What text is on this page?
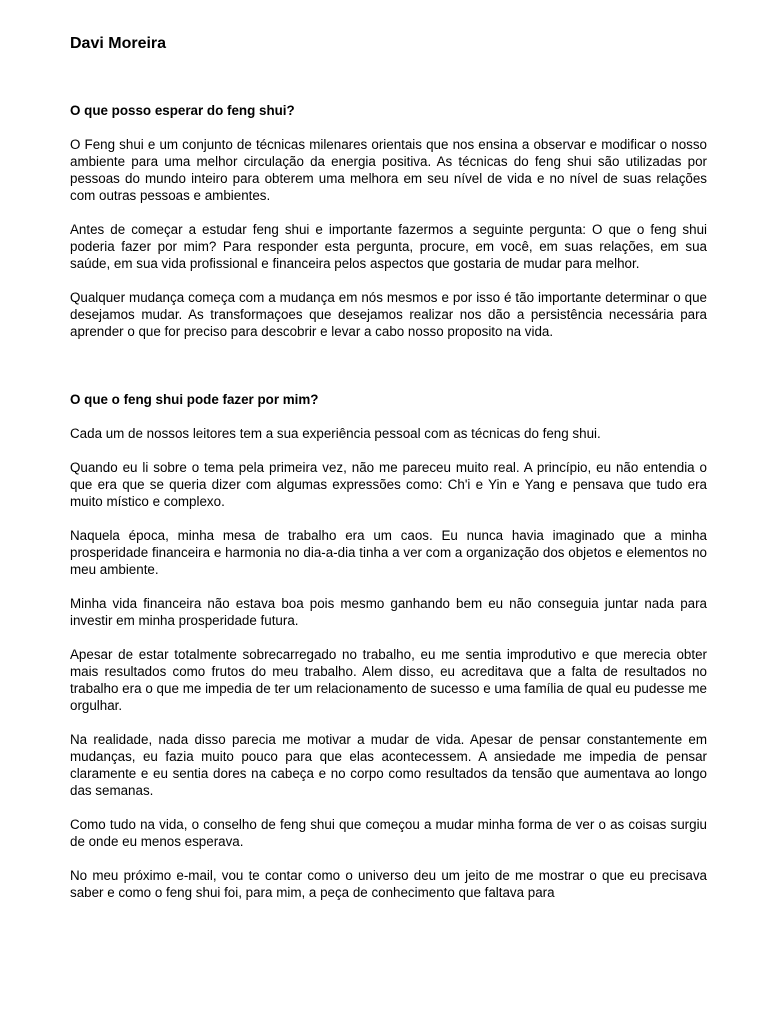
Davi Moreira
O que posso esperar do feng shui?

O Feng shui e um conjunto de técnicas milenares orientais que nos ensina a observar e modificar o nosso ambiente para uma melhor circulação da energia positiva. As técnicas do feng shui são utilizadas por pessoas do mundo inteiro para obterem uma melhora em seu nível de vida e no nível de suas relações com outras pessoas e ambientes.

Antes de começar a estudar feng shui e importante fazermos a seguinte pergunta: O que o feng shui poderia fazer por mim? Para responder esta pergunta, procure, em você, em suas relações, em sua saúde, em sua vida profissional e financeira pelos aspectos que gostaria de mudar para melhor.

Qualquer mudança começa com a mudança em nós mesmos e por isso é tão importante determinar o que desejamos mudar. As transformaçoes que desejamos realizar nos dão a persistência necessária para aprender o que for preciso para descobrir e levar a cabo nosso proposito na vida.

O que o feng shui pode fazer por mim?

Cada um de nossos leitores tem a sua experiência pessoal com as técnicas do feng shui.

Quando eu li sobre o tema pela primeira vez, não me pareceu muito real. A princípio, eu não entendia o que era que se queria dizer com algumas expressões como: Ch'i e Yin e Yang e pensava que tudo era muito místico e complexo.

Naquela época, minha mesa de trabalho era um caos. Eu nunca havia imaginado que a minha prosperidade financeira e harmonia no dia-a-dia tinha a ver com a organização dos objetos e elementos no meu ambiente.

Minha vida financeira não estava boa pois mesmo ganhando bem eu não conseguia juntar nada para investir em minha prosperidade futura.

Apesar de estar totalmente sobrecarregado no trabalho, eu me sentia improdutivo e que merecia obter mais resultados como frutos do meu trabalho. Alem disso, eu acreditava que a falta de resultados no trabalho era o que me impedia de ter um relacionamento de sucesso e uma família de qual eu pudesse me orgulhar.

Na realidade, nada disso parecia me motivar a mudar de vida. Apesar de pensar constantemente em mudanças, eu fazia muito pouco para que elas acontecessem. A ansiedade me impedia de pensar claramente e eu sentia dores na cabeça e no corpo como resultados da tensão que aumentava ao longo das semanas.

Como tudo na vida, o conselho de feng shui que começou a mudar minha forma de ver o as coisas surgiu de onde eu menos esperava.

No meu próximo e-mail, vou te contar como o universo deu um jeito de me mostrar o que eu precisava saber e como o feng shui foi, para mim, a peça de conhecimento que faltava para
